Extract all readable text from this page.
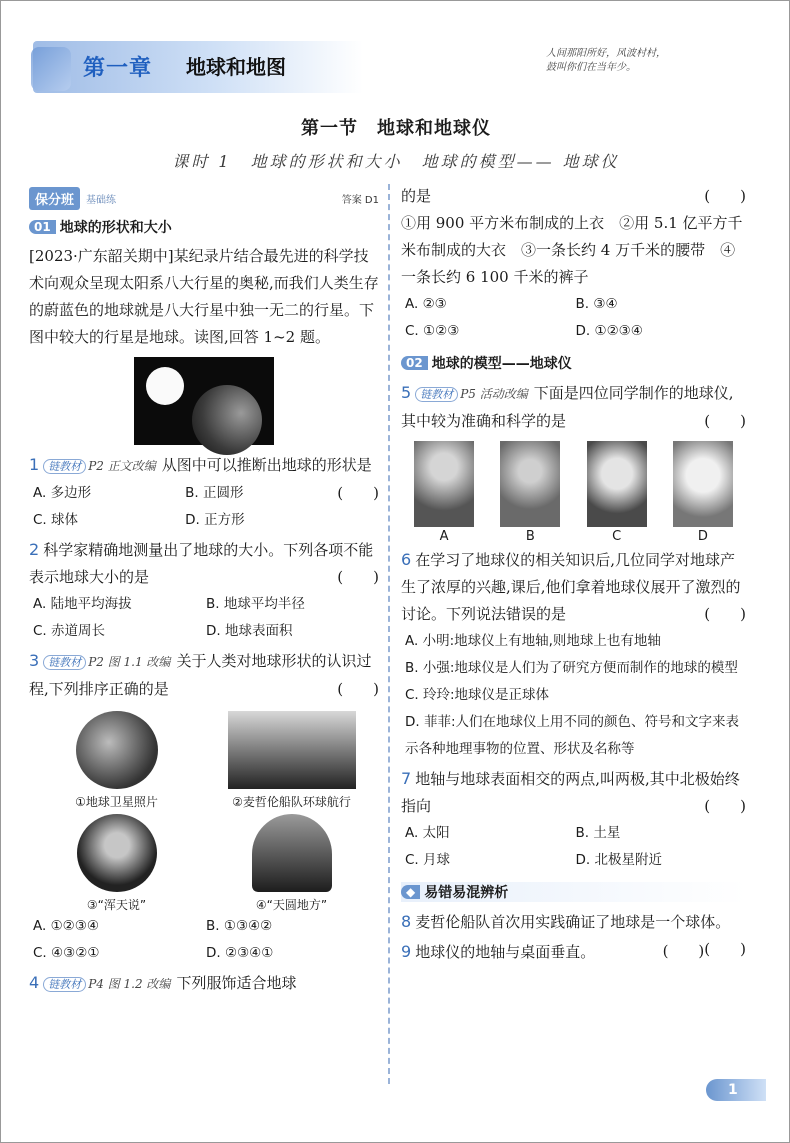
第一章 地球和地图
人间那阳所好，风波村村，
鼓叫你们在当年少。
第一节　地球和地球仪
课时 1　地球的形状和大小　地球的模型—— 地球仪
保分班	基础练	答案 D1
01 地球的形状和大小

[2023·广东韶关期中]某纪录片结合最先进的科学技术向观众呈现太阳系八大行星的奥秘,而我们人类生存的蔚蓝色的地球就是八大行星中独一无二的行星。下图中较大的行星是地球。读图,回答 1~2 题。

1 链教材 P2 正文改编 从图中可以推断出地球的形状是
(　　)
A. 多边形	B. 正圆形
C. 球体	D. 正方形
2 科学家精确地测量出了地球的大小。下列各项不能表示地球大小的是	(　　)
A. 陆地平均海拔	B. 地球平均半径
C. 赤道周长	D. 地球表面积
3 链教材 P2 图 1.1 改编 关于人类对地球形状的认识过程,下列排序正确的是	(　　)
①地球卫星照片	②麦哲伦船队环球航行
③“浑天说”	④“天圆地方”
A. ①②③④	B. ①③④②
C. ④③②①	D. ②③④①
4 链教材 P4 图 1.2 改编 下列服饰适合地球
的是	(　　)

①用 900 平方米布制成的上衣　②用 5.1 亿平方千米布制成的大衣　③一条长约 4 万千米的腰带　④一条长约 6 100 千米的裤子

A. ②③	B. ③④
C. ①②③	D. ①②③④
02 地球的模型——地球仪
5 链教材 P5 活动改编 下面是四位同学制作的地球仪,其中较为准确和科学的是	(　　)
A	B	C	D
6 在学习了地球仪的相关知识后,几位同学对地球产生了浓厚的兴趣,课后,他们拿着地球仪展开了激烈的讨论。下列说法错误的是	(　　)
A. 小明:地球仪上有地轴,则地球上也有地轴
B. 小强:地球仪是人们为了研究方便而制作的地球的模型
C. 玲玲:地球仪是正球体
D. 菲菲:人们在地球仪上用不同的颜色、符号和文字来表示各种地理事物的位置、形状及名称等
7 地轴与地球表面相交的两点,叫两极,其中北极始终指向	(　　)
A. 太阳	B. 土星
C. 月球	D. 北极星附近
◆ 易错易混辨析
8 麦哲伦船队首次用实践确证了地球是一个球体。
(　　)
9 地球仪的地轴与桌面垂直。	(　　)
1
